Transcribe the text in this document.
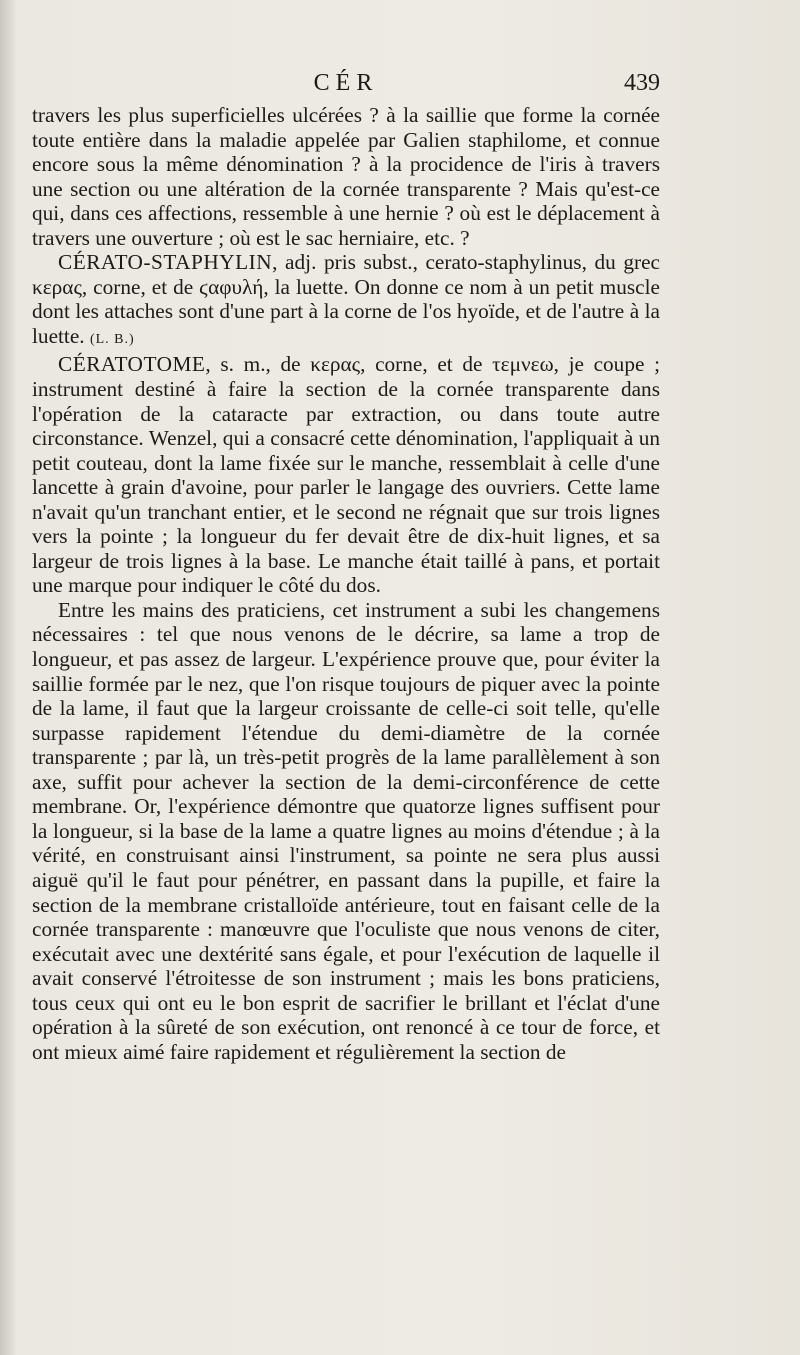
CÉR	439

travers les plus superficielles ulcérées ? à la saillie que forme la cornée toute entière dans la maladie appelée par Galien staphilome, et connue encore sous la même dénomination ? à la procidence de l'iris à travers une section ou une altération de la cornée transparente ? Mais qu'est-ce qui, dans ces affections, ressemble à une hernie ? où est le déplacement à travers une ouverture ; où est le sac herniaire, etc. ?

CÉRATO-STAPHYLIN, adj. pris subst., cerato-staphylinus, du grec κερας, corne, et de ϛαφυλή, la luette. On donne ce nom à un petit muscle dont les attaches sont d'une part à la corne de l'os hyoïde, et de l'autre à la luette. (L. B.)

CÉRATOTOME, s. m., de κερας, corne, et de τεμνεω, je coupe ; instrument destiné à faire la section de la cornée transparente dans l'opération de la cataracte par extraction, ou dans toute autre circonstance. Wenzel, qui a consacré cette dénomination, l'appliquait à un petit couteau, dont la lame fixée sur le manche, ressemblait à celle d'une lancette à grain d'avoine, pour parler le langage des ouvriers. Cette lame n'avait qu'un tranchant entier, et le second ne régnait que sur trois lignes vers la pointe ; la longueur du fer devait être de dix-huit lignes, et sa largeur de trois lignes à la base. Le manche était taillé à pans, et portait une marque pour indiquer le côté du dos.

Entre les mains des praticiens, cet instrument a subi les changemens nécessaires : tel que nous venons de le décrire, sa lame a trop de longueur, et pas assez de largeur. L'expérience prouve que, pour éviter la saillie formée par le nez, que l'on risque toujours de piquer avec la pointe de la lame, il faut que la largeur croissante de celle-ci soit telle, qu'elle surpasse rapidement l'étendue du demi-diamètre de la cornée transparente ; par là, un très-petit progrès de la lame parallèlement à son axe, suffit pour achever la section de la demi-circonférence de cette membrane. Or, l'expérience démontre que quatorze lignes suffisent pour la longueur, si la base de la lame a quatre lignes au moins d'étendue ; à la vérité, en construisant ainsi l'instrument, sa pointe ne sera plus aussi aiguë qu'il le faut pour pénétrer, en passant dans la pupille, et faire la section de la membrane cristalloïde antérieure, tout en faisant celle de la cornée transparente : manœuvre que l'oculiste que nous venons de citer, exécutait avec une dextérité sans égale, et pour l'exécution de laquelle il avait conservé l'étroitesse de son instrument ; mais les bons praticiens, tous ceux qui ont eu le bon esprit de sacrifier le brillant et l'éclat d'une opération à la sûreté de son exécution, ont renoncé à ce tour de force, et ont mieux aimé faire rapidement et régulièrement la section de
